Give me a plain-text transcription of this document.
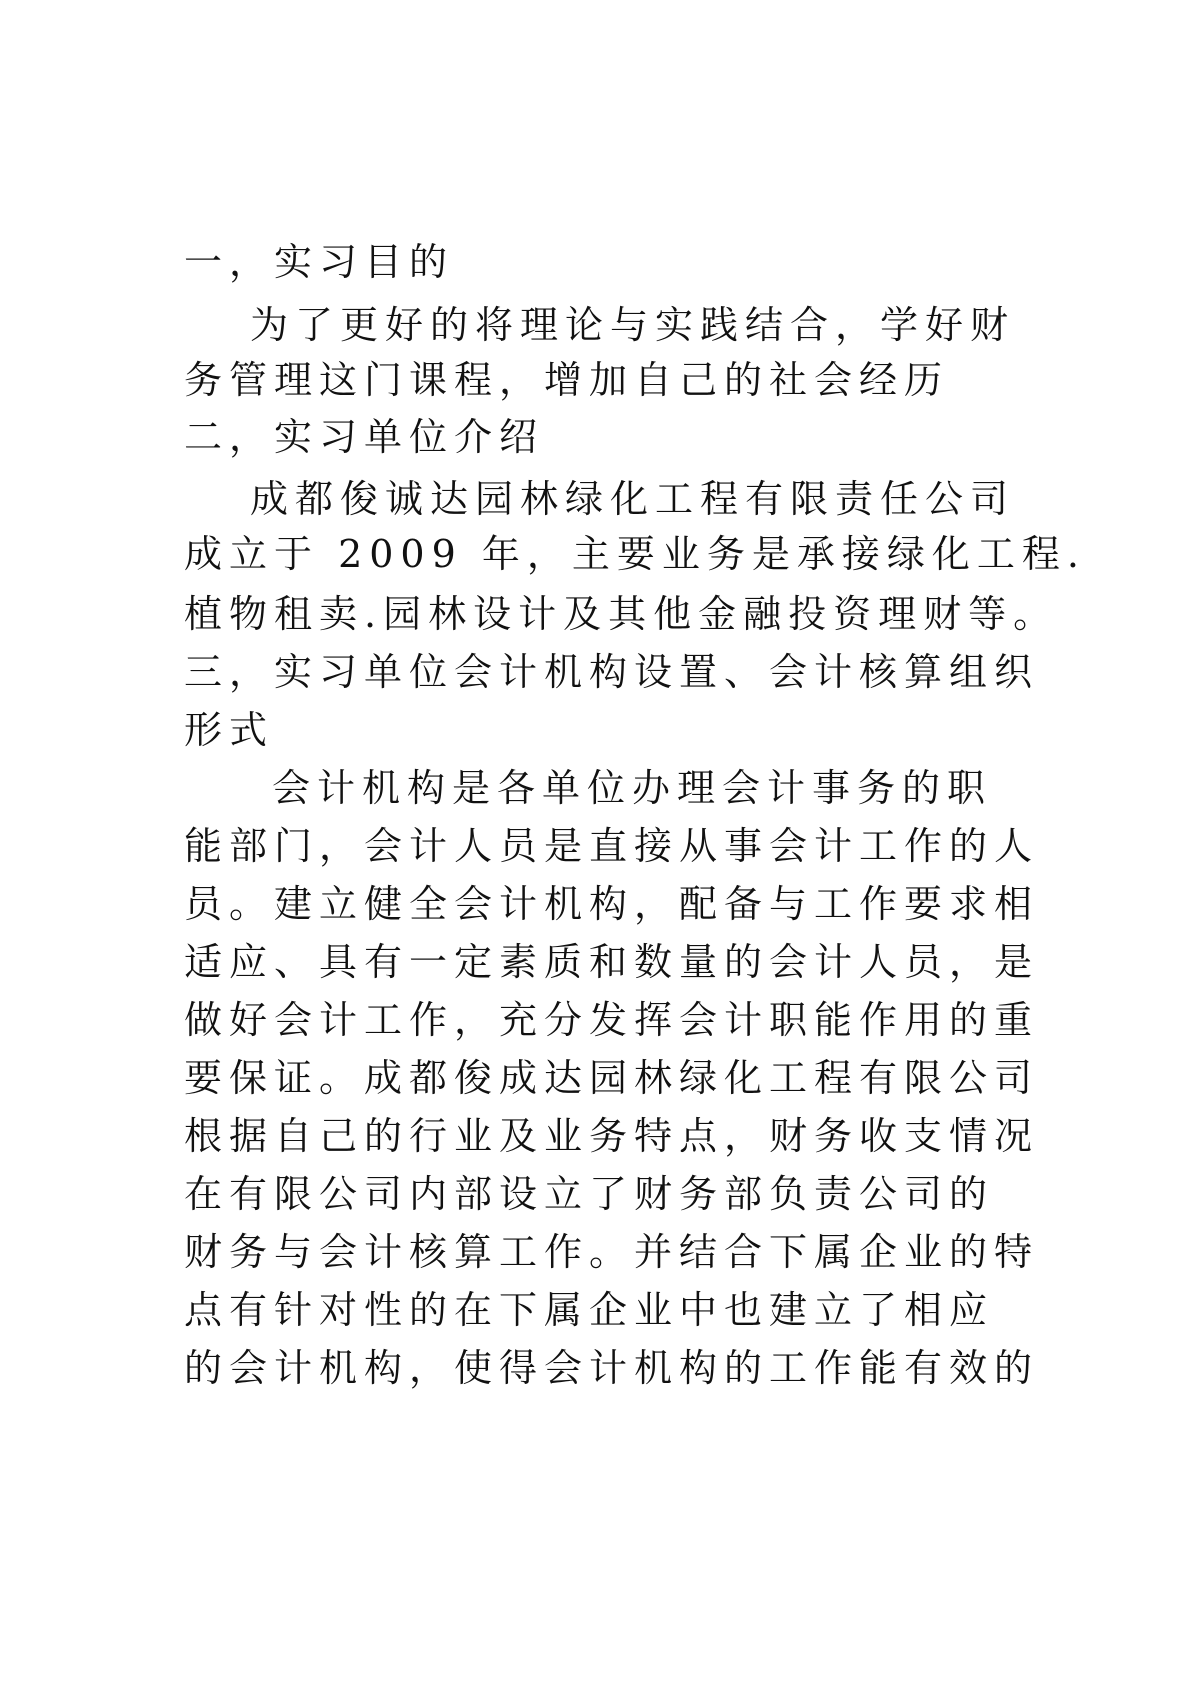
一，实习目的
为了更好的将理论与实践结合，学好财
务管理这门课程，增加自己的社会经历
二，实习单位介绍
成都俊诚达园林绿化工程有限责任公司
成立于 2009 年，主要业务是承接绿化工程.
植物租卖.园林设计及其他金融投资理财等。
三，实习单位会计机构设置、会计核算组织
形式
会计机构是各单位办理会计事务的职
能部门，会计人员是直接从事会计工作的人
员。建立健全会计机构，配备与工作要求相
适应、具有一定素质和数量的会计人员，是
做好会计工作，充分发挥会计职能作用的重
要保证。成都俊成达园林绿化工程有限公司
根据自己的行业及业务特点，财务收支情况
在有限公司内部设立了财务部负责公司的
财务与会计核算工作。并结合下属企业的特
点有针对性的在下属企业中也建立了相应
的会计机构，使得会计机构的工作能有效的
